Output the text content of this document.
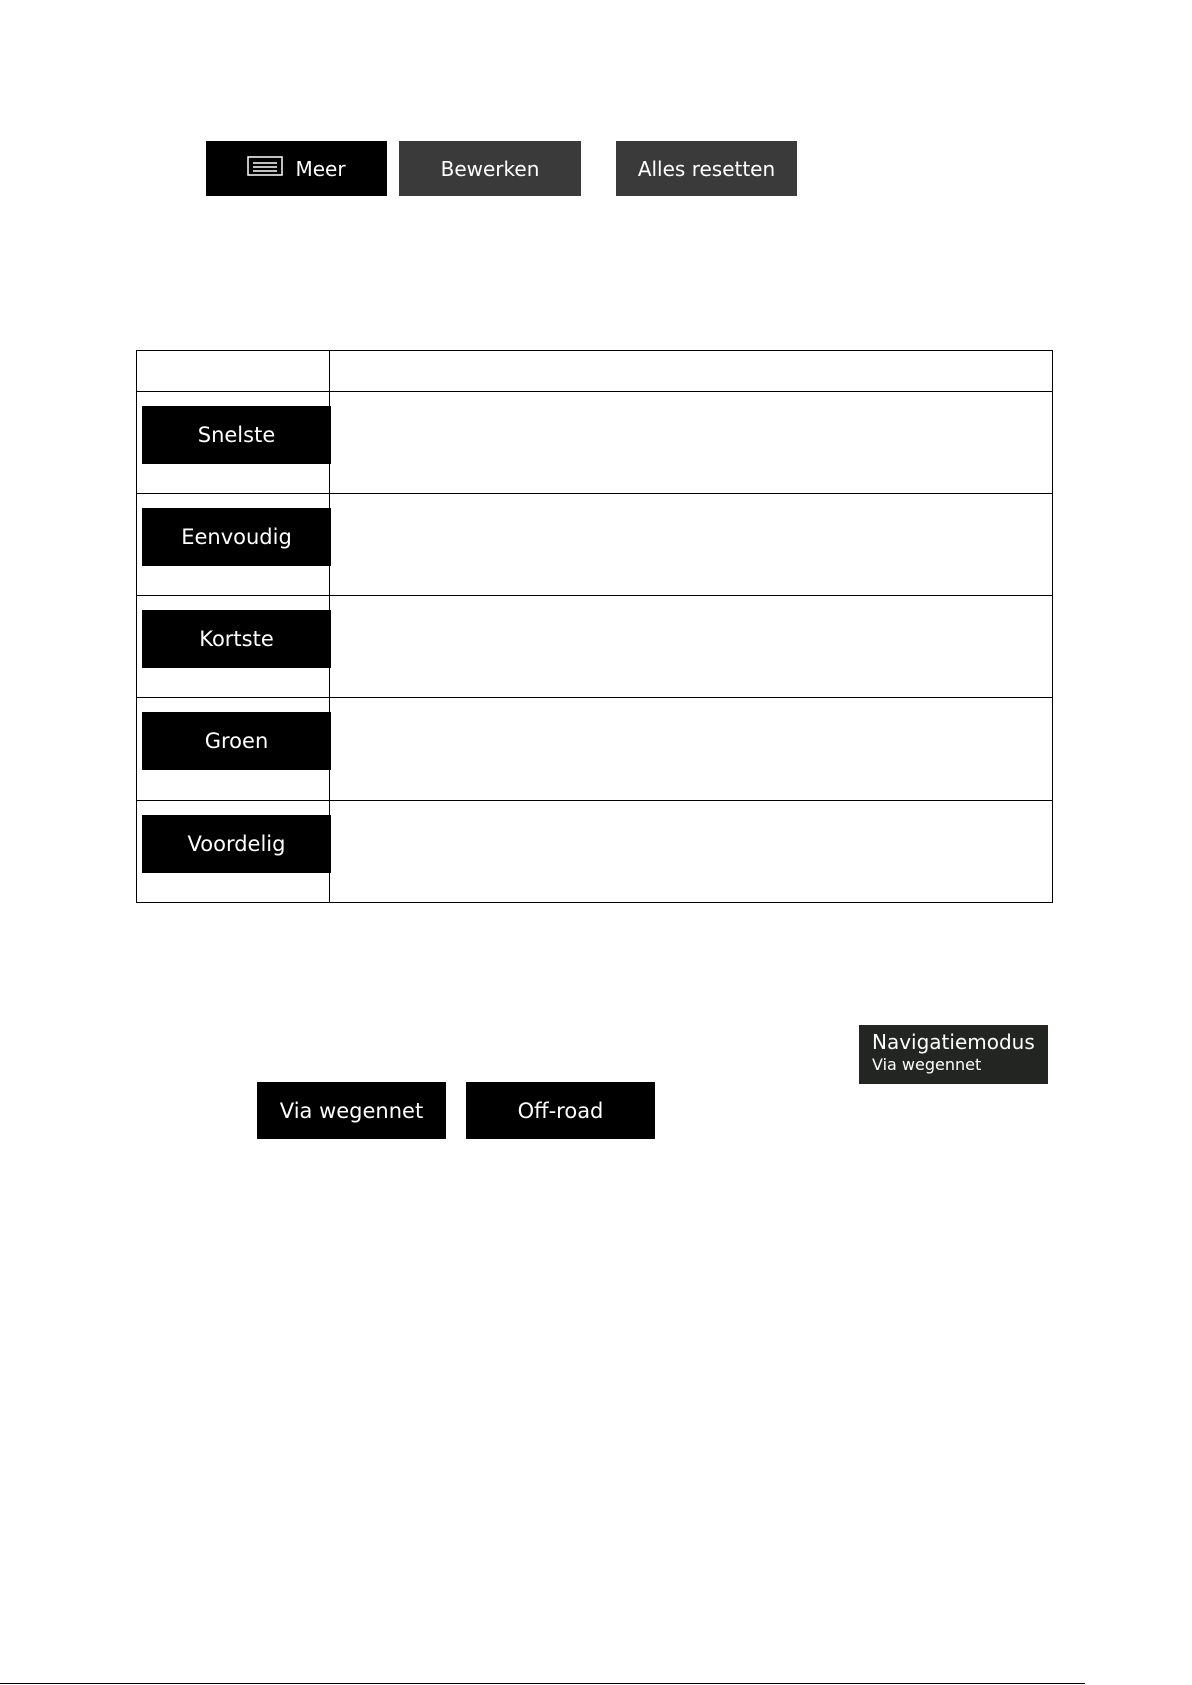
Meer	Bewerken	Alles resetten

Snelste	

Eenvoudig	

Kortste	

Groen	

Voordelig	

Navigatiemodus
Via wegennet
Via wegennet	Off-road
